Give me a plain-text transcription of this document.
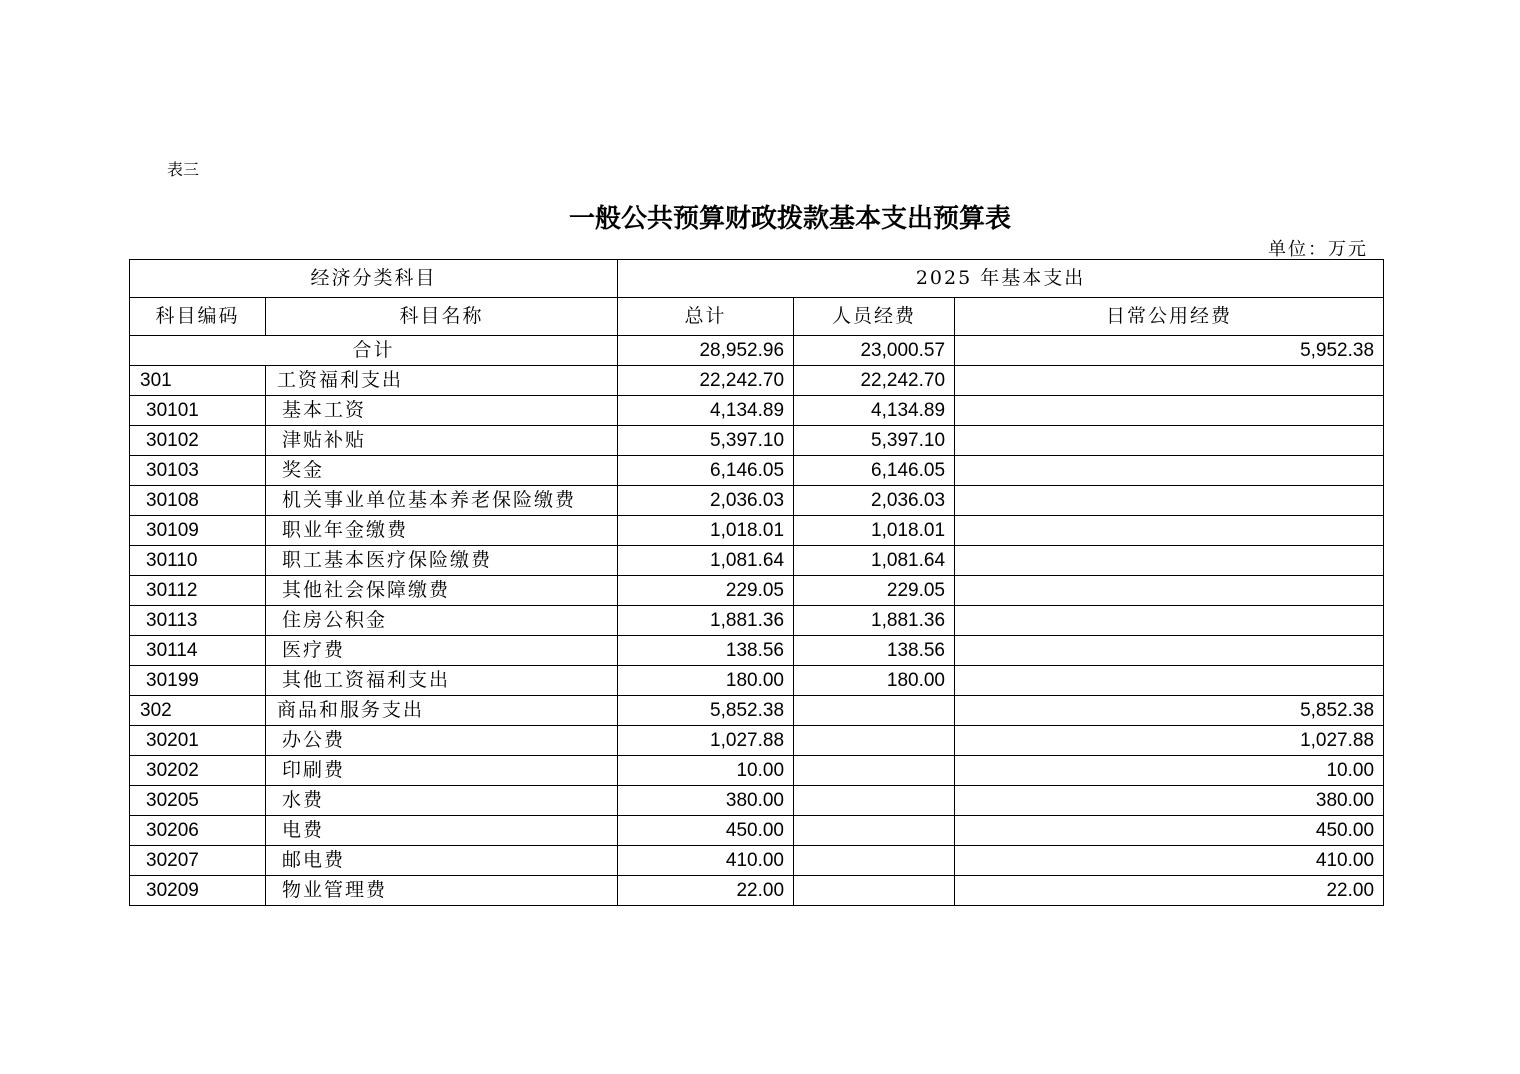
表三
一般公共预算财政拨款基本支出预算表
单位：万元
经济分类科目		2025 年基本支出		
科目编码	科目名称	总计	人员经费	日常公用经费
合计		28,952.96	23,000.57	5,952.38
301	工资福利支出	22,242.70	22,242.70	
30101	基本工资	4,134.89	4,134.89	
30102	津贴补贴	5,397.10	5,397.10	
30103	奖金	6,146.05	6,146.05	
30108	机关事业单位基本养老保险缴费	2,036.03	2,036.03	
30109	职业年金缴费	1,018.01	1,018.01	
30110	职工基本医疗保险缴费	1,081.64	1,081.64	
30112	其他社会保障缴费	229.05	229.05	
30113	住房公积金	1,881.36	1,881.36	
30114	医疗费	138.56	138.56	
30199	其他工资福利支出	180.00	180.00	
302	商品和服务支出	5,852.38		5,852.38
30201	办公费	1,027.88		1,027.88
30202	印刷费	10.00		10.00
30205	水费	380.00		380.00
30206	电费	450.00		450.00
30207	邮电费	410.00		410.00
30209	物业管理费	22.00		22.00
